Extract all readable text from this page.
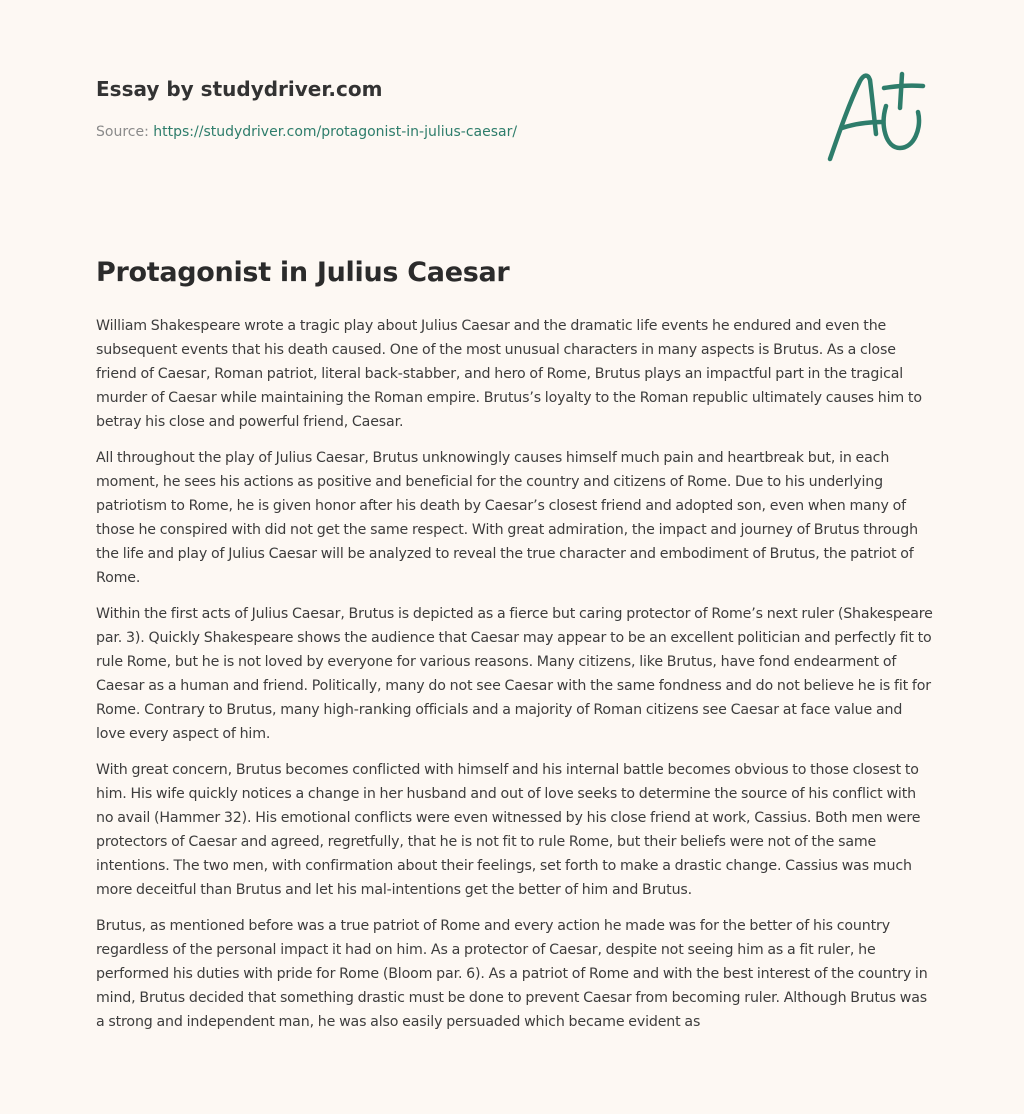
Essay by studydriver.com
Source: https://studydriver.com/protagonist-in-julius-caesar/
Protagonist in Julius Caesar

William Shakespeare wrote a tragic play about Julius Caesar and the dramatic life events he endured and even the subsequent events that his death caused. One of the most unusual characters in many aspects is Brutus. As a close friend of Caesar, Roman patriot, literal back-stabber, and hero of Rome, Brutus plays an impactful part in the tragical murder of Caesar while maintaining the Roman empire. Brutus’s loyalty to the Roman republic ultimately causes him to betray his close and powerful friend, Caesar.

All throughout the play of Julius Caesar, Brutus unknowingly causes himself much pain and heartbreak but, in each moment, he sees his actions as positive and beneficial for the country and citizens of Rome. Due to his underlying patriotism to Rome, he is given honor after his death by Caesar’s closest friend and adopted son, even when many of those he conspired with did not get the same respect. With great admiration, the impact and journey of Brutus through the life and play of Julius Caesar will be analyzed to reveal the true character and embodiment of Brutus, the patriot of Rome.

Within the first acts of Julius Caesar, Brutus is depicted as a fierce but caring protector of Rome’s next ruler (Shakespeare par. 3). Quickly Shakespeare shows the audience that Caesar may appear to be an excellent politician and perfectly fit to rule Rome, but he is not loved by everyone for various reasons. Many citizens, like Brutus, have fond endearment of Caesar as a human and friend. Politically, many do not see Caesar with the same fondness and do not believe he is fit for Rome. Contrary to Brutus, many high-ranking officials and a majority of Roman citizens see Caesar at face value and love every aspect of him.

With great concern, Brutus becomes conflicted with himself and his internal battle becomes obvious to those closest to him. His wife quickly notices a change in her husband and out of love seeks to determine the source of his conflict with no avail (Hammer 32). His emotional conflicts were even witnessed by his close friend at work, Cassius. Both men were protectors of Caesar and agreed, regretfully, that he is not fit to rule Rome, but their beliefs were not of the same intentions. The two men, with confirmation about their feelings, set forth to make a drastic change. Cassius was much more deceitful than Brutus and let his mal-intentions get the better of him and Brutus.

Brutus, as mentioned before was a true patriot of Rome and every action he made was for the better of his country regardless of the personal impact it had on him. As a protector of Caesar, despite not seeing him as a fit ruler, he performed his duties with pride for Rome (Bloom par. 6). As a patriot of Rome and with the best interest of the country in mind, Brutus decided that something drastic must be done to prevent Caesar from becoming ruler. Although Brutus was a strong and independent man, he was also easily persuaded which became evident as
